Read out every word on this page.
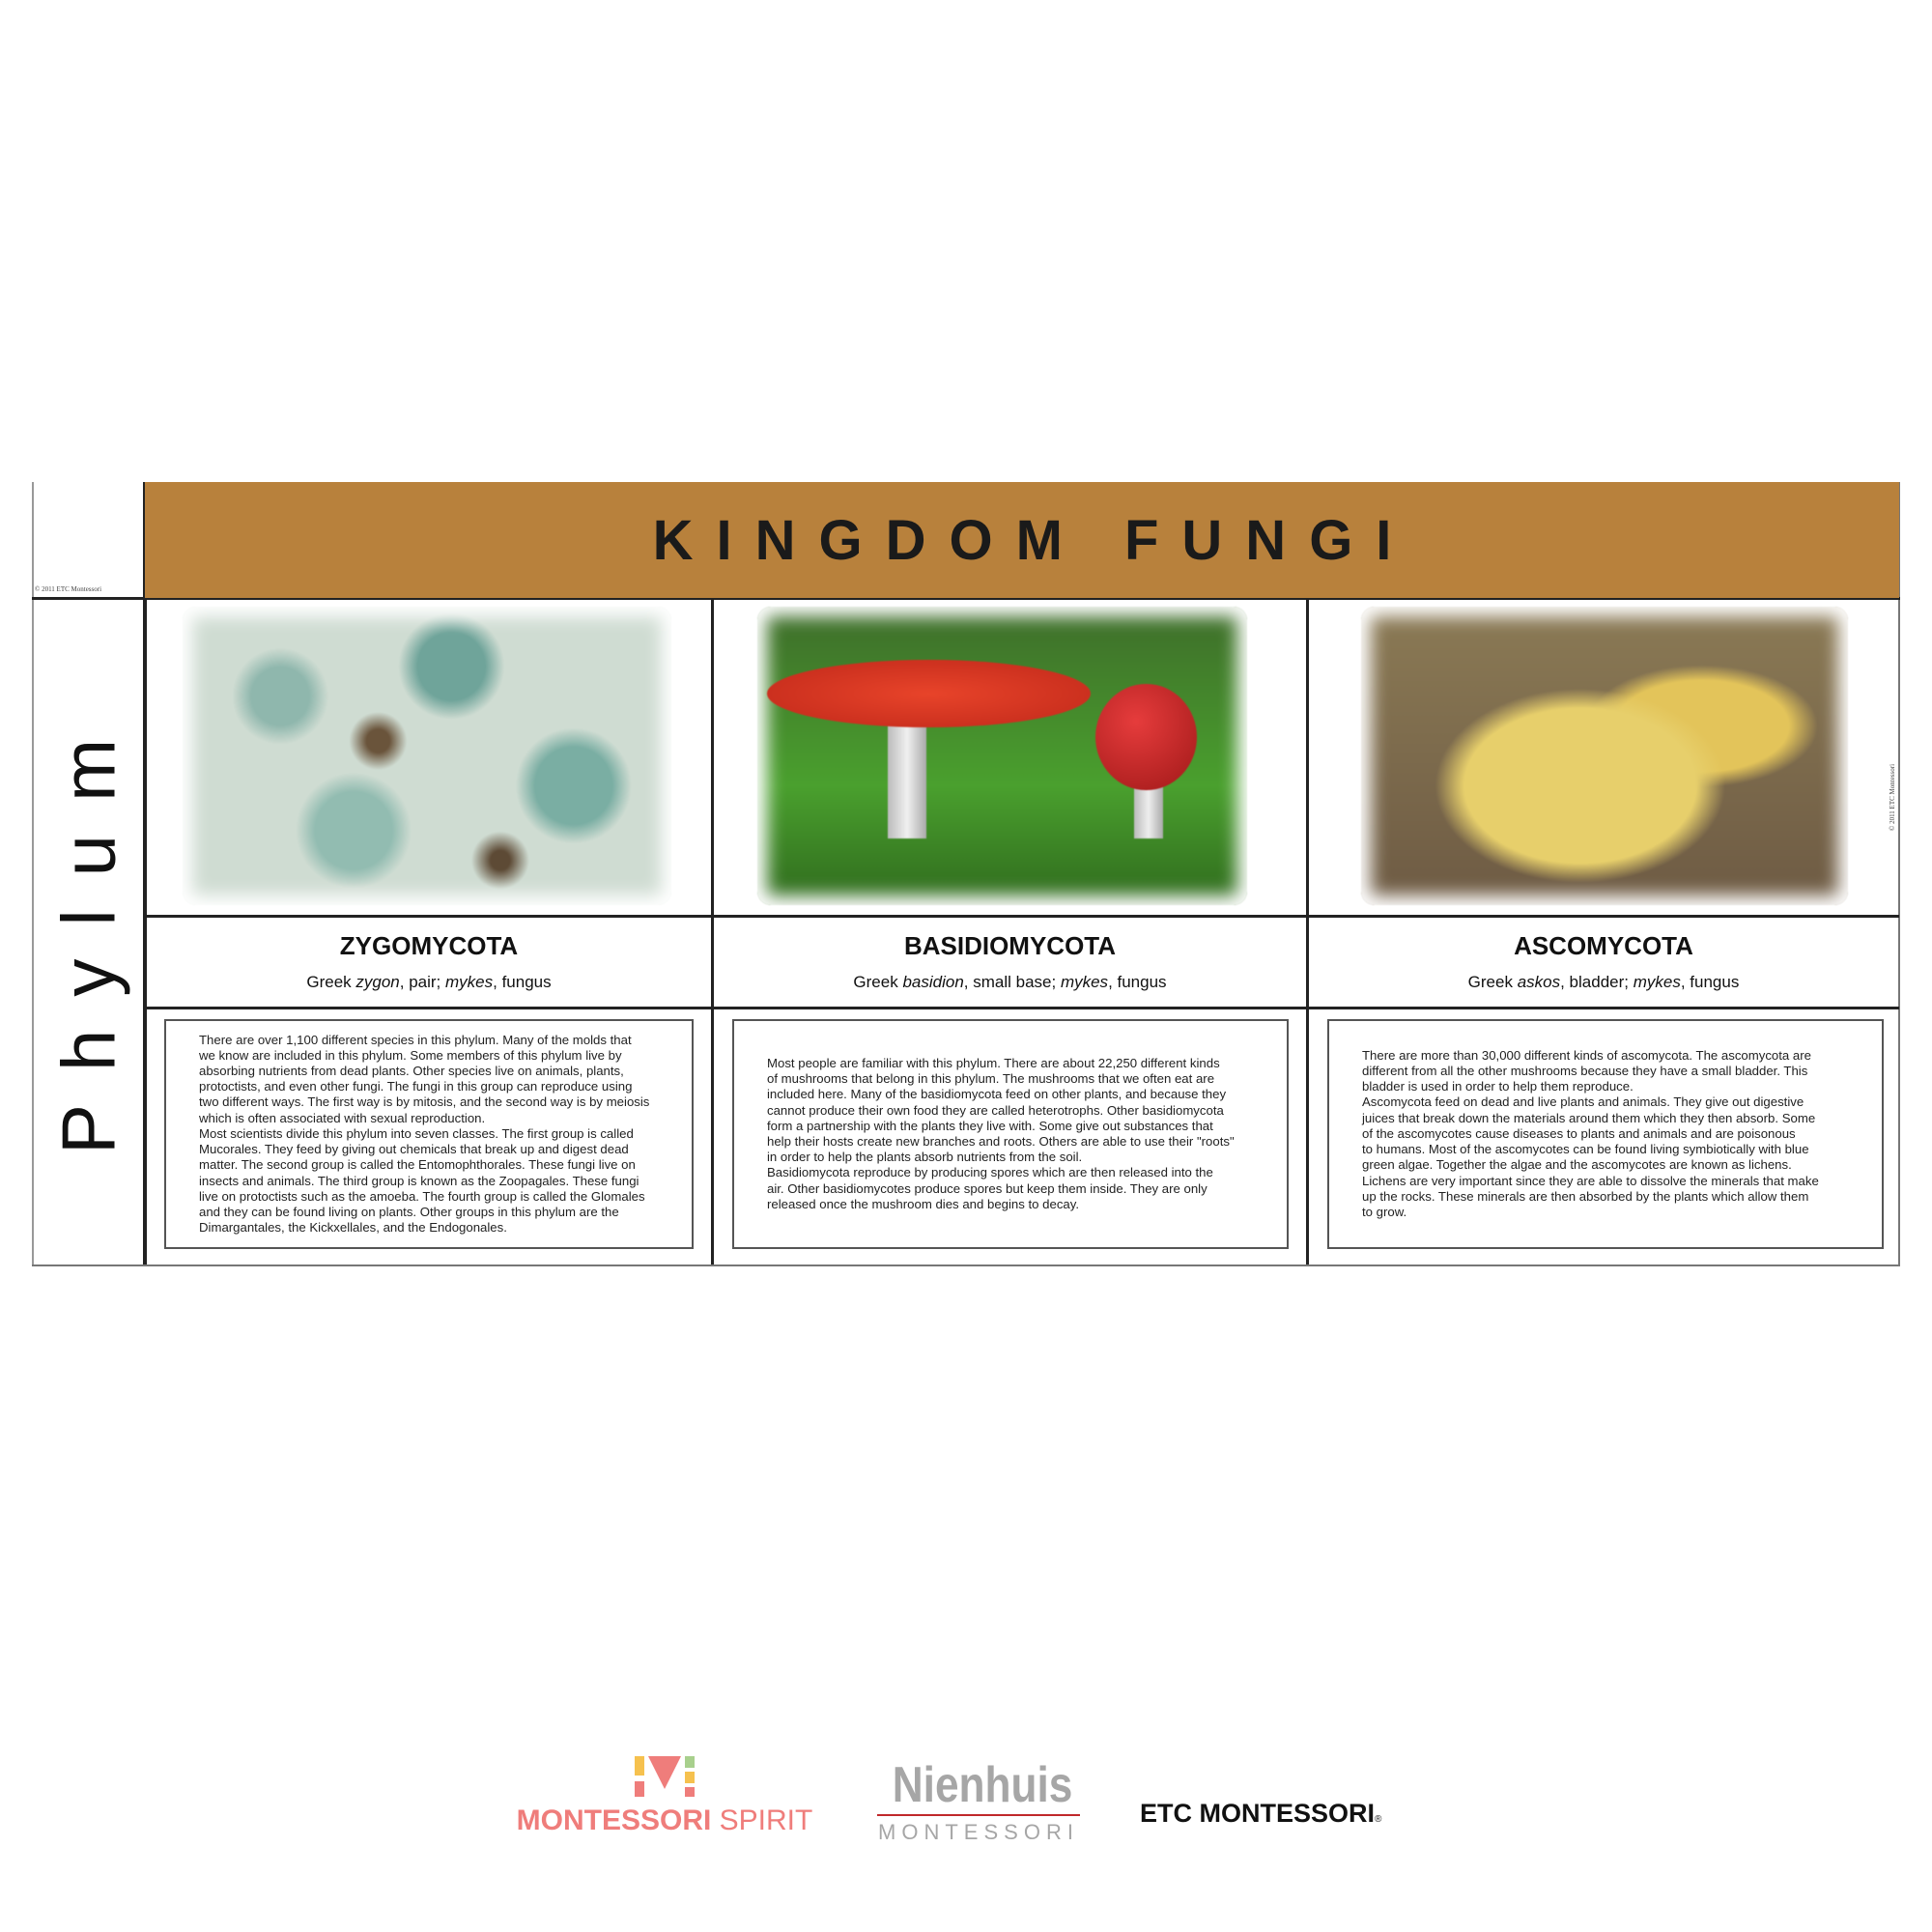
KINGDOM FUNGI
© 2011 ETC Montessori
© 2011 ETC Montessori
Phylum	ZYGOMYCOTA	BASIDIOMYCOTA	ASCOMYCOTA
Greek zygon, pair; mykes, fungus	Greek basidion, small base; mykes, fungus	Greek askos, bladder; mykes, fungus

There are over 1,100 different species in this phylum. Many of the molds that
we know are included in this phylum. Some members of this phylum live by
absorbing nutrients from dead plants. Other species live on animals, plants,
protoctists, and even other fungi. The fungi in this group can reproduce using
two different ways. The first way is by mitosis, and the second way is by meiosis
which is often associated with sexual reproduction.
Most scientists divide this phylum into seven classes. The first group is called
Mucorales. They feed by giving out chemicals that break up and digest dead
matter. The second group is called the Entomophthorales. These fungi live on
insects and animals. The third group is known as the Zoopagales. These fungi
live on protoctists such as the amoeba. The fourth group is called the Glomales
and they can be found living on plants. Other groups in this phylum are the
Dimargantales, the Kickxellales, and the Endogonales.

Most people are familiar with this phylum. There are about 22,250 different kinds
of mushrooms that belong in this phylum. The mushrooms that we often eat are
included here. Many of the basidiomycota feed on other plants, and because they
cannot produce their own food they are called heterotrophs. Other basidiomycota
form a partnership with the plants they live with. Some give out substances that
help their hosts create new branches and roots. Others are able to use their "roots"
in order to help the plants absorb nutrients from the soil.
Basidiomycota reproduce by producing spores which are then released into the
air. Other basidiomycotes produce spores but keep them inside. They are only
released once the mushroom dies and begins to decay.

There are more than 30,000 different kinds of ascomycota. The ascomycota are
different from all the other mushrooms because they have a small bladder. This
bladder is used in order to help them reproduce.
Ascomycota feed on dead and live plants and animals. They give out digestive
juices that break down the materials around them which they then absorb. Some
of the ascomycotes cause diseases to plants and animals and are poisonous
to humans. Most of the ascomycotes can be found living symbiotically with blue
green algae. Together the algae and the ascomycotes are known as lichens.
Lichens are very important since they are able to dissolve the minerals that make
up the rocks. These minerals are then absorbed by the plants which allow them
to grow.

MONTESSORI SPIRIT
Nienhuis
MONTESSORI
ETC MONTESSORI®
